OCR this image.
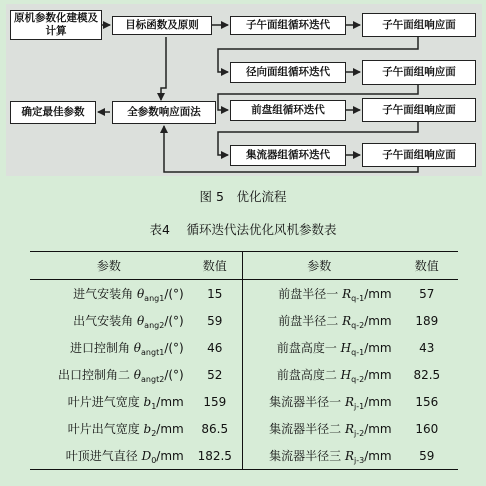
原机参数化建模及计算	目标函数及原则	子午面组循环迭代	子午面组响应面
径向面组循环迭代	子午面组响应面
全参数响应面法
确定最佳参数	前盘组循环迭代	子午面组响应面
集流器组循环迭代	子午面组响应面
图 5　优化流程
表4　 循环迭代法优化风机参数表
参数	数值	参数	数值
进气安装角 $\theta_{ang1}/(^\circ)$	15	前盘半径一 $R_{q-1}/mm$	57
出气安装角 $\theta_{ang2}/(^\circ)$	59	前盘半径二 $R_{q-2}/mm$	189
进口控制角 $\theta_{angt1}/(^\circ)$	46	前盘高度一 $H_{q-1}/mm$	43
出口控制角二 $\theta_{angt2}/(^\circ)$	52	前盘高度二 $H_{q-2}/mm$	82.5
叶片进气宽度 $b_1/mm$	159	集流器半径一 $R_{j-1}/mm$	156
叶片出气宽度 $b_2/mm$	86.5	集流器半径二 $R_{j-2}/mm$	160
叶顶进气直径 $D_0/mm$	182.5	集流器半径三 $R_{j-3}/mm$	59
